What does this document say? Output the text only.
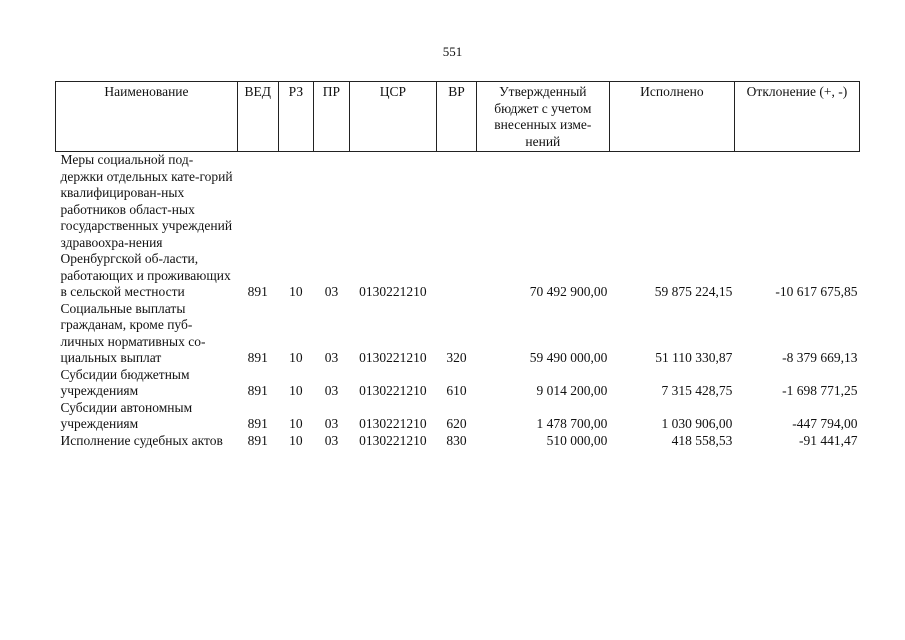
551
Наименование	ВЕД	РЗ	ПР	ЦСР	ВР	Утвержденный бюджет с учетом внесенных изме-нений	Исполнено	Отклонение (+, -)
Меры социальной под-держки отдельных кате-горий квалифицирован-ных работников област-ных государственных учреждений здравоохра-нения Оренбургской об-ласти, работающих и проживающих в сельской местности	891	10	03	0130221210		70 492 900,00	59 875 224,15	-10 617 675,85
Социальные выплаты гражданам, кроме пуб-личных нормативных со-циальных выплат	891	10	03	0130221210	320	59 490 000,00	51 110 330,87	-8 379 669,13
Субсидии бюджетным учреждениям	891	10	03	0130221210	610	9 014 200,00	7 315 428,75	-1 698 771,25
Субсидии автономным учреждениям	891	10	03	0130221210	620	1 478 700,00	1 030 906,00	-447 794,00
Исполнение судебных актов	891	10	03	0130221210	830	510 000,00	418 558,53	-91 441,47
